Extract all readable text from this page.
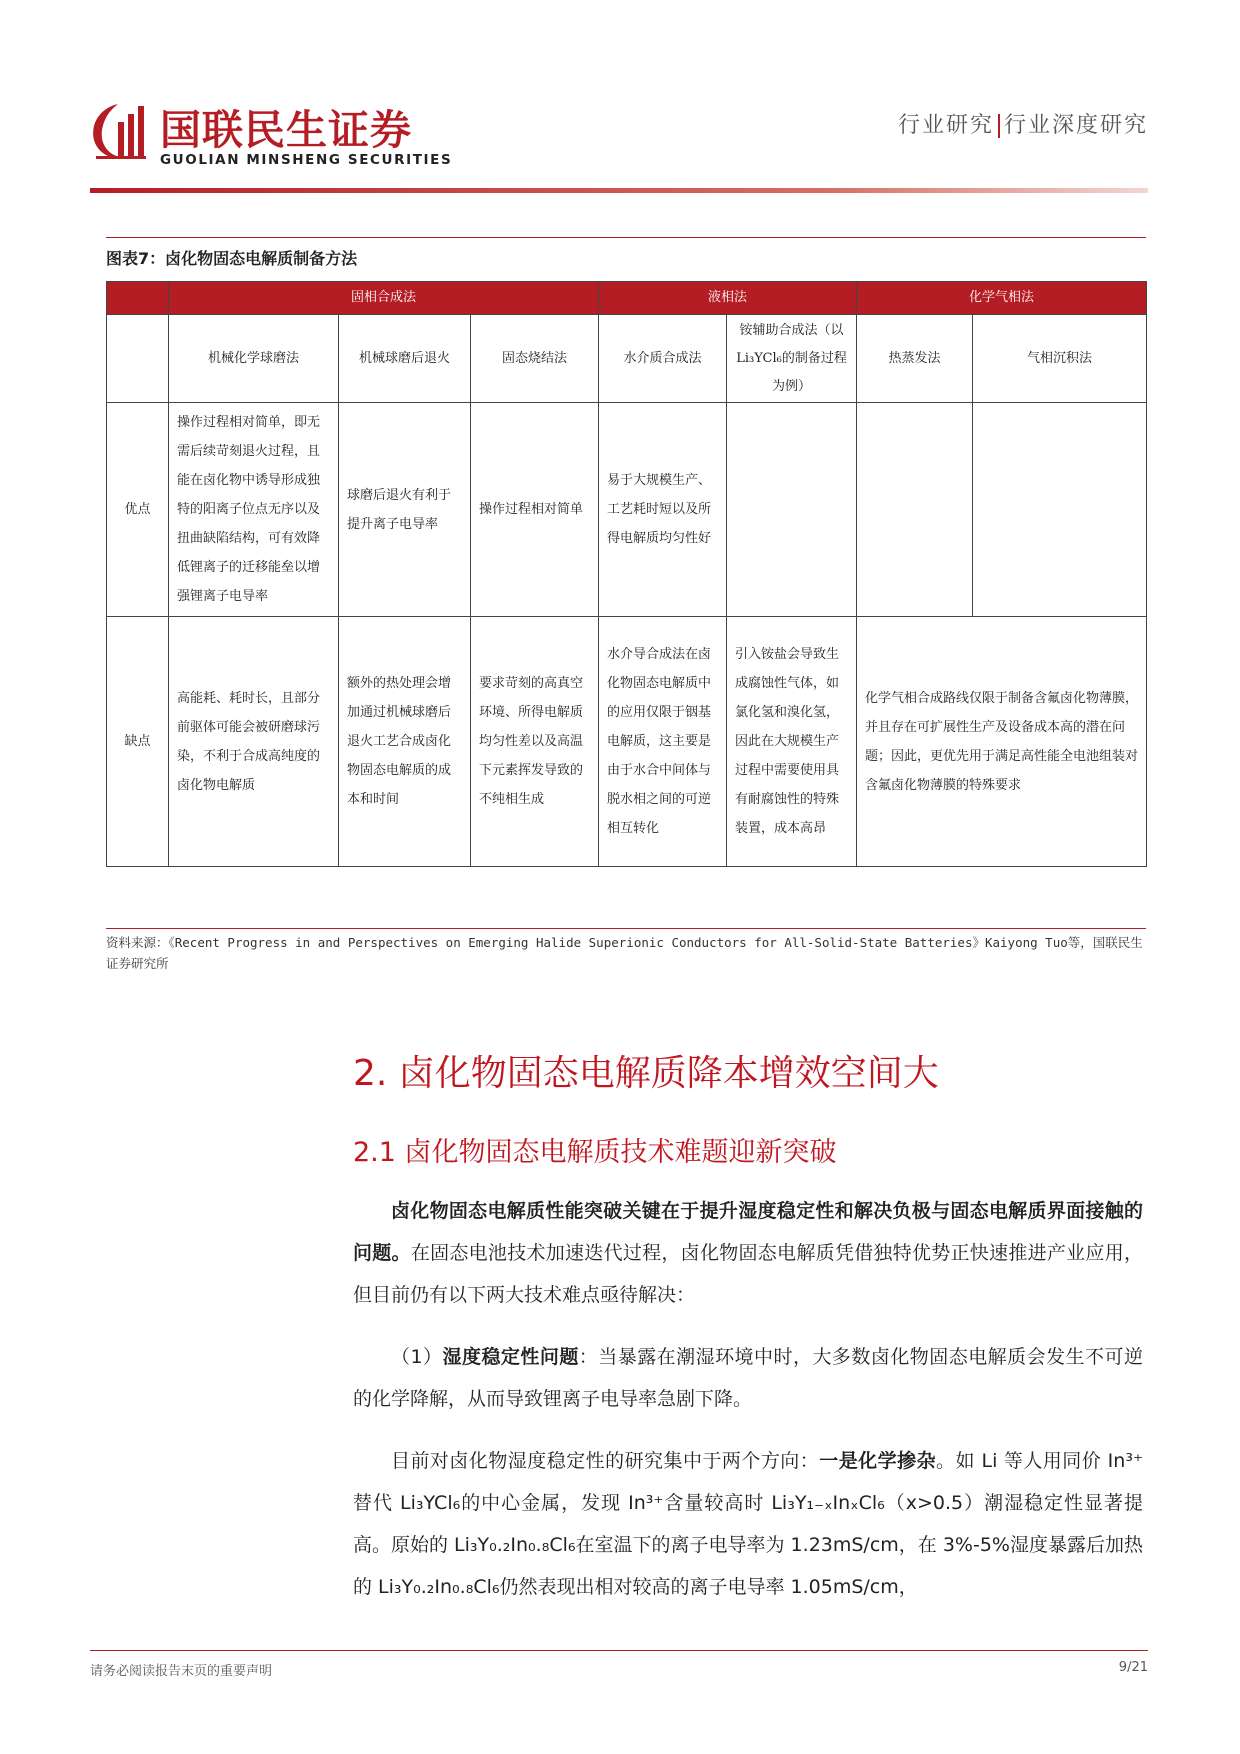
国联民生证券
GUOLIAN MINSHENG SECURITIES
行业研究 行业深度研究
图表7：卤化物固态电解质制备方法
	固相合成法			液相法		化学气相法	
	机械化学球磨法	机械球磨后退火	固态烧结法	水介质合成法	铵辅助合成法（以Li₃YCl₆的制备过程为例）	热蒸发法	气相沉积法
优点	操作过程相对简单，即无需后续苛刻退火过程，且能在卤化物中诱导形成独特的阳离子位点无序以及扭曲缺陷结构，可有效降低锂离子的迁移能垒以增强锂离子电导率	球磨后退火有利于提升离子电导率	操作过程相对简单	易于大规模生产、工艺耗时短以及所得电解质均匀性好			
缺点	高能耗、耗时长，且部分前驱体可能会被研磨球污染，不利于合成高纯度的卤化物电解质	额外的热处理会增加通过机械球磨后退火工艺合成卤化物固态电解质的成本和时间	要求苛刻的高真空环境、所得电解质均匀性差以及高温下元素挥发导致的不纯相生成	水介导合成法在卤化物固态电解质中的应用仅限于铟基电解质，这主要是由于水合中间体与脱水相之间的可逆相互转化	引入铵盐会导致生成腐蚀性气体，如氯化氢和溴化氢，因此在大规模生产过程中需要使用具有耐腐蚀性的特殊装置，成本高昂	化学气相合成路线仅限于制备含氟卤化物薄膜，并且存在可扩展性生产及设备成本高的潜在问题；因此，更优先用于满足高性能全电池组装对含氟卤化物薄膜的特殊要求	
资料来源：《Recent Progress in and Perspectives on Emerging Halide Superionic Conductors for All-Solid-State Batteries》Kaiyong Tuo等，国联民生证券研究所
2. 卤化物固态电解质降本增效空间大
2.1 卤化物固态电解质技术难题迎新突破
卤化物固态电解质性能突破关键在于提升湿度稳定性和解决负极与固态电解质界面接触的问题。在固态电池技术加速迭代过程，卤化物固态电解质凭借独特优势正快速推进产业应用，但目前仍有以下两大技术难点亟待解决：
（1）湿度稳定性问题：当暴露在潮湿环境中时，大多数卤化物固态电解质会发生不可逆的化学降解，从而导致锂离子电导率急剧下降。
目前对卤化物湿度稳定性的研究集中于两个方向：一是化学掺杂。如 Li 等人用同价 In³⁺替代 Li₃YCl₆的中心金属，发现 In³⁺含量较高时 Li₃Y₁₋ₓInₓCl₆（x>0.5）潮湿稳定性显著提高。原始的 Li₃Y₀.₂In₀.₈Cl₆在室温下的离子电导率为 1.23mS/cm，在 3%-5%湿度暴露后加热的 Li₃Y₀.₂In₀.₈Cl₆仍然表现出相对较高的离子电导率 1.05mS/cm，
请务必阅读报告末页的重要声明	9/21
